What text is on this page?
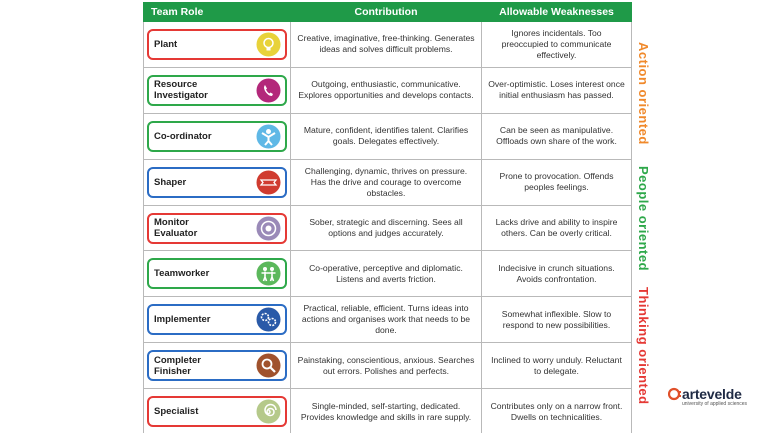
Team Role	Contribution	Allowable Weaknesses

Plant	Creative, imaginative, free-thinking. Generates ideas and solves difficult problems.	Ignores incidentals. Too preoccupied to communicate effectively.

Resource
Investigator	Outgoing, enthusiastic, communicative. Explores opportunities and develops contacts.	Over-optimistic. Loses interest once initial enthusiasm has passed.

Co-ordinator	Mature, confident, identifies talent. Clarifies goals. Delegates effectively.	Can be seen as manipulative. Offloads own share of the work.

Shaper	Challenging, dynamic, thrives on pressure. Has the drive and courage to overcome obstacles.	Prone to provocation. Offends peoples feelings.

Monitor
Evaluator	Sober, strategic and discerning. Sees all options and judges accurately.	Lacks drive and ability to inspire others. Can be overly critical.

Teamworker	Co-operative, perceptive and diplomatic. Listens and averts friction.	Indecisive in crunch situations. Avoids confrontation.

Implementer	Practical, reliable, efficient. Turns ideas into actions and organises work that needs to be done.	Somewhat inflexible. Slow to respond to new possibilities.

Completer
Finisher	Painstaking, conscientious, anxious. Searches out errors. Polishes and perfects.	Inclined to worry unduly. Reluctant to delegate.

Specialist	Single-minded, self-starting, dedicated. Provides knowledge and skills in rare supply.	Contributes only on a narrow front. Dwells on technicalities.
Action oriented
People oriented
Thinking oriented artevelde
university of applied sciences
